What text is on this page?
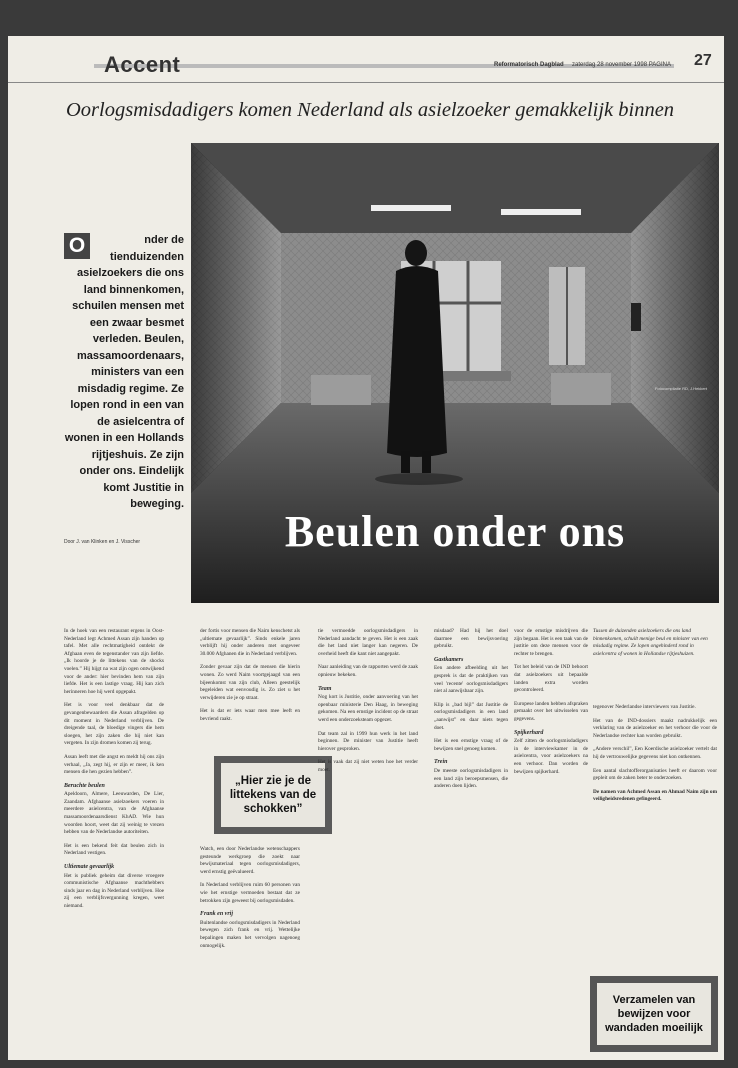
Accent	Reformatorisch Dagblad zaterdag 28 november 1998 PAGINA 27
Oorlogsmisdadigers komen Nederland als asielzoeker gemakkelijk binnen
Fotocompilatie RD, J.Hekkert
Beulen onder ons
O	nder de tienduizenden asielzoekers die ons land binnenkomen, schuilen mensen met een zwaar besmet verleden. Beulen, massamoordenaars, ministers van een misdadig regime. Ze lopen rond in een van de asielcentra of wonen in een Hollands rijtjeshuis. Ze zijn onder ons. Eindelijk komt Justitie in beweging.
Door J. van Klinken en J. Visscher

In de hoek van een restaurant ergens in Oost-Nederland legt Achmed Assan zijn handen op tafel. Met alle rechtmatigheid ontdekt de Afghaan even de tegenstander van zijn liefde. „Ik hoorde je de littekens van de shocks voelen.” Hij hijgt na wat zijn ogen ontwijkend voor de ander: hier bevinden hem van zijn liefde. Het is een lastige vraag. Hij kan zich herinneren hoe hij werd opgepakt.

Het is voor veel denkbaar dat de gevangenbewaarders die Assan afragelden op dit moment in Nederland verblijven. De dreigende taal, de bloedige vingers die hem sloegen, het zijn zaken die hij niet kan vergeten. In zijn dromen komen zij terug.

Assan leeft met die angst en meldt hij ons zijn verhaal, „Ja, zegt hij, er zijn er meer, ik ken mensen die hen gezien hebben”.

Beruchte beulen

Apeldoorn, Almere, Leeuwarden, De Lier, Zaandam. Afghaanse asielzoekers voeren in meerdere asielcentra, van de Afghaanse massamoordenaarsdienst KhAD. Wie hun woorden hoort, weet dat zij weinig te vrezen hebben van de Nederlandse autoriteiten.

Het is een bekend feit dat beulen zich in Nederland vestigen.

Ultiemate gevaarlijk

Het is publiek geheim dat diverse vroegere communistische Afghaanse machthebbers sinds jaar en dag in Nederland verblijven. Hoe zij een verblijfsvergunning kregen, weet niemand.

der fortis voor mensen die Naim kenschetst als „ultiemate gevaarlijk”. Sinds enkele jaren verblijft hij onder anderen met ongeveer 30.000 Afghanen die in Nederland verblijven.

Zonder gevaar zijn dat de mensen die hierin wonen. Zo werd Naim voortgejaagd van een bijeenkomst van zijn club, Alleen geestelijk begeleiden wat eenvoudig is. Zo ziet u het verwijderen zie je op straat.

Het is dat er iets waar men mee leeft en bevriend raakt.

„Hier zie je de littekens van de schokken”

Watch, een door Nederlandse wetenschappers gesteunde werkgroep die zoekt naar bewijsmateriaal tegen oorlogsmisdadigers, werd ernstig geëvalueerd.

In Nederland verblijven ruim 60 personen van wie het ernstige vermoeden bestaat dat ze betrokken zijn geweest bij oorlogsmisdaden.

Frank en vrij

Buitenlandse oorlogsmisdadigers in Nederland bewegen zich frank en vrij. Wettelijke bepalingen maken het vervolgen nagenoeg onmogelijk.

tie vermoedde oorlogsmisdadigers in Nederland aandacht te geven. Het is een zaak die het land niet langer kan negeren. De overheid heeft die kant niet aangepakt.

Naar aanleiding van de rapporten werd de zaak opnieuw bekeken.

Team

Nog kort is Justitie, onder aanvoering van het openbaar ministerie Den Haag, in beweging gekomen. Na een ernstige incident op de straat werd een onderzoeksteam opgezet.

Dat team zal in 1999 hun werk in het land beginnen. De minister van Justitie heeft hierover gesproken.

Het is vaak dat zij niet weten hoe het verder moet.

misdaad? Had hij het doel daarmee een bewijsvoering gebruikt.

Gastkamers

Een andere afbeelding uit het gesprek is dat de praktijken van veel 'recente' oorlogsmisdadigers niet al aanwijsbaar zijn.

Klip is „bad bijl” dat Justitie de oorlogsmisdadigers in een land „aanwijst” en daar niets tegen doet.

Het is een ernstige vraag of de bewijzen snel genoeg komen.

Trein

De meeste oorlogsmisdadigers in een land zijn beroepsmensen, die anderen doen lijden.

voor de ernstige misdrijven die zijn begaan. Het is een taak van de justitie om deze mensen voor de rechter te brengen.

Tot het beleid van de IND behoort dat asielzoekers uit bepaalde landen extra worden gecontroleerd.

Europese landen hebben afspraken gemaakt over het uitwisselen van gegevens.

Spijkerhard

Zelf zitten de oorlogsmisdadigers in de interviewkamer in de asielcentra, voor asielzoekers na een verhoor. Dan worden de bewijzen spijkerhard.

Tussen de duizenden asielzoekers die ons land binnenkomen, schuilt menige beul en minister van een misdadig regime. Ze lopen ongehinderd rond in asielcentra of wonen in Hollandse rijtjeshuizen.

tegenover Nederlandse interviewers van Justitie.

Het van de IND-dossiers maakt nadrukkelijk een verklaring van de asielzoeker en het verhoor die voor de Nederlandse rechter kan worden gebruikt.

„Andere verschil”, Een Koerdische asielzoeker vertelt dat hij de vertrouwelijke gegevens niet kon ontkennen.

Een aantal slachtofferorganisaties heeft er daarom voor gepleit om de zaken beter te onderzoeken.

De namen van Achmed Assan en Ahmad Naim zijn om veiligheidsredenen gefingeerd.

Verzamelen van bewijzen voor wandaden moeilijk
